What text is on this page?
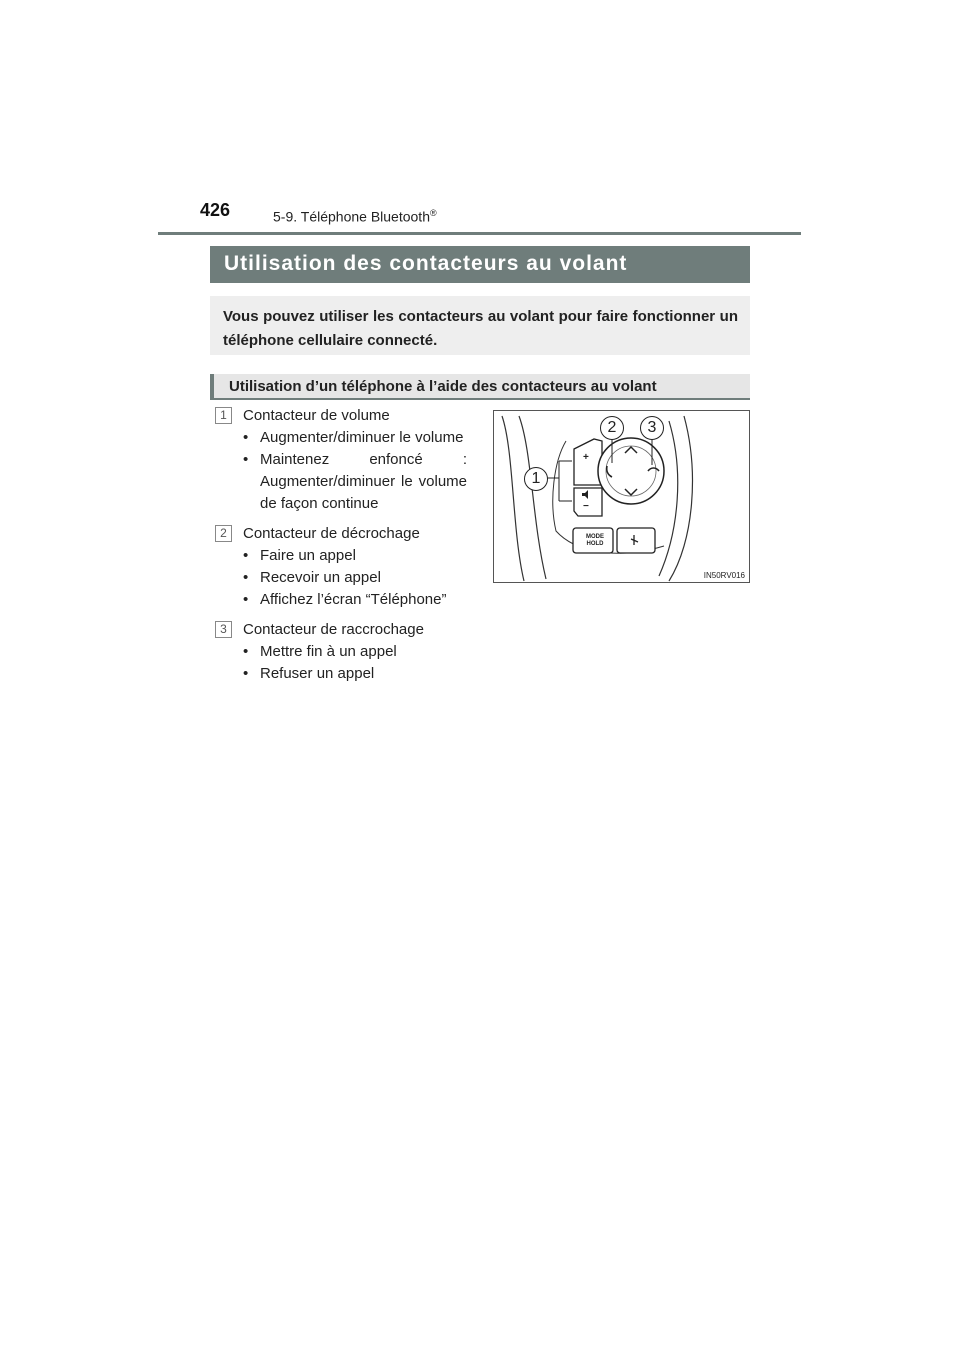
426	5-9. Téléphone Bluetooth®
Utilisation des contacteurs au volant
Vous pouvez utiliser les contacteurs au volant pour faire fonctionner un téléphone cellulaire connecté.
Utilisation d’un téléphone à l’aide des contacteurs au volant
1	Contacteur de volume
• Augmenter/diminuer le volume
• Maintenez enfoncé : Augmenter/diminuer le volume de façon continue
2	Contacteur de décrochage
• Faire un appel
• Recevoir un appel
• Affichez l’écran “Téléphone”
3	Contacteur de raccrochage
• Mettre fin à un appel
• Refuser un appel
+
−
MODE
HOLD
1
2	3
IN50RV016
